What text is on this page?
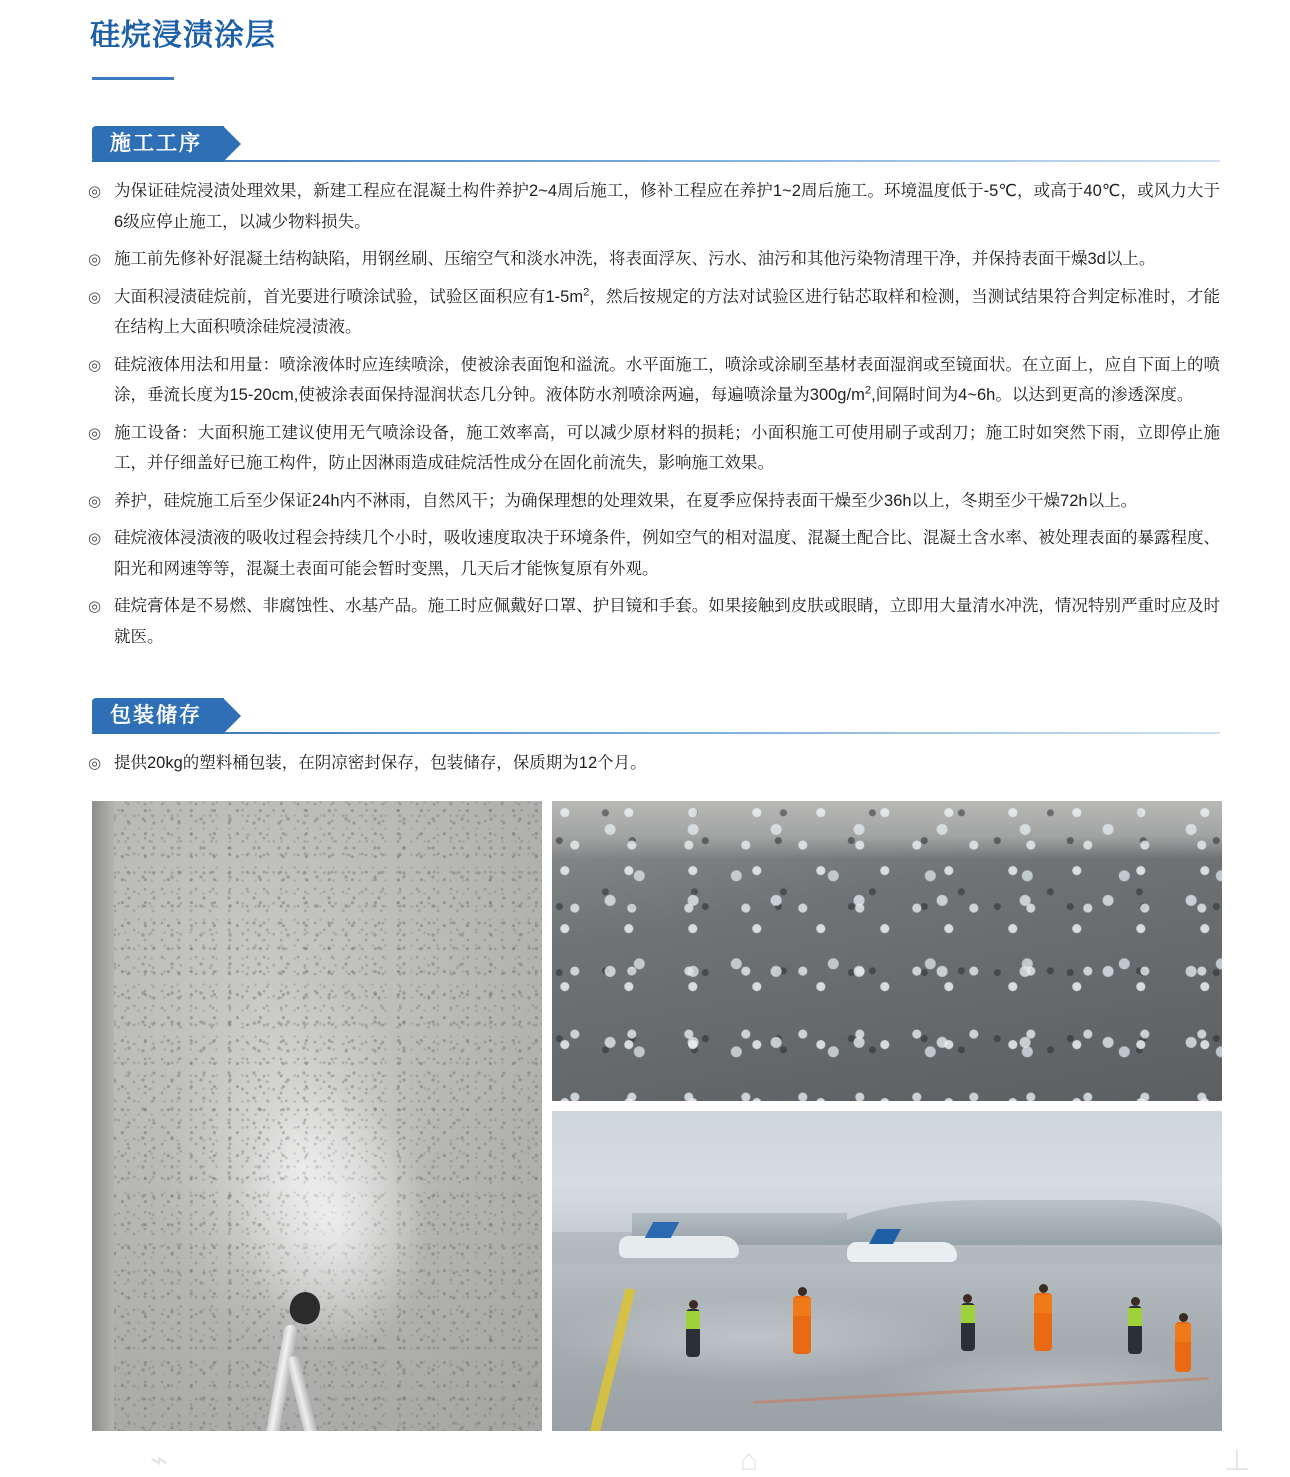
硅烷浸渍涂层
施工工序
◎ 为保证硅烷浸渍处理效果，新建工程应在混凝土构件养护2~4周后施工，修补工程应在养护1~2周后施工。环境温度低于-5℃，或高于40℃，或风力大于6级应停止施工，以减少物料损失。
◎ 施工前先修补好混凝土结构缺陷，用钢丝刷、压缩空气和淡水冲洗，将表面浮灰、污水、油污和其他污染物清理干净，并保持表面干燥3d以上。
◎ 大面积浸渍硅烷前，首光要进行喷涂试验，试验区面积应有$1-5m^2$，然后按规定的方法对试验区进行钻芯取样和检测，当测试结果符合判定标准时，才能在结构上大面积喷涂硅烷浸渍液。
◎ 硅烷液体用法和用量：喷涂液体时应连续喷涂，使被涂表面饱和溢流。水平面施工，喷涂或涂刷至基材表面湿润或至镜面状。在立面上，应自下面上的喷涂，垂流长度为15-20cm,使被涂表面保持湿润状态几分钟。液体防水剂喷涂两遍，每遍喷涂量为$300g/m^2$,间隔时间为4~6h。以达到更高的渗透深度。
◎ 施工设备：大面积施工建议使用无气喷涂设备，施工效率高，可以减少原材料的损耗；小面积施工可使用刷子或刮刀；施工时如突然下雨，立即停止施工，并仔细盖好已施工构件，防止因淋雨造成硅烷活性成分在固化前流失，影响施工效果。
◎ 养护，硅烷施工后至少保证24h内不淋雨，自然风干；为确保理想的处理效果，在夏季应保持表面干燥至少36h以上，冬期至少干燥72h以上。
◎ 硅烷液体浸渍液的吸收过程会持续几个小时，吸收速度取决于环境条件，例如空气的相对温度、混凝土配合比、混凝土含水率、被处理表面的暴露程度、阳光和网速等等，混凝土表面可能会暂时变黑，几天后才能恢复原有外观。
◎ 硅烷膏体是不易燃、非腐蚀性、水基产品。施工时应佩戴好口罩、护目镜和手套。如果接触到皮肤或眼睛，立即用大量清水冲洗，情况特别严重时应及时就医。
包装储存
◎ 提供20kg的塑料桶包装，在阴凉密封保存，包装储存，保质期为12个月。
⌁	⌂	⊥
